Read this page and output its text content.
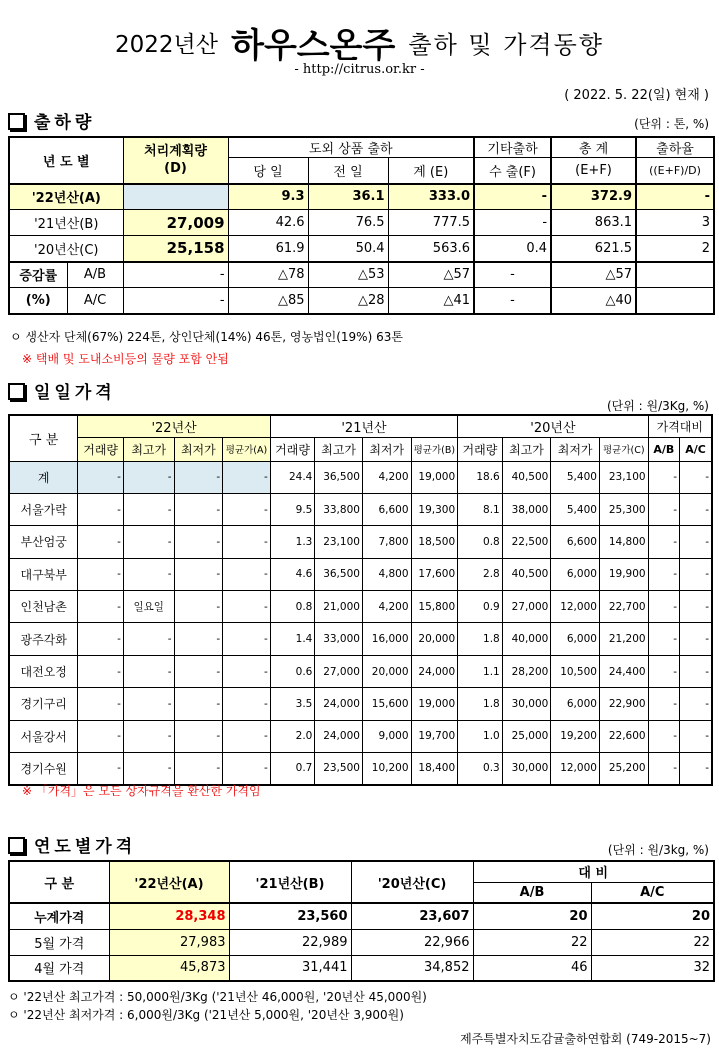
2022년산 하우스온주 출하 및 가격동향
- http://citrus.or.kr -
( 2022. 5. 22(일) 현재 )
출하량	(단위 : 톤, %)
년 도 별		처리계획량
(D)	도외 상품 출하			기타출하	총 계	출하율
			당 일	전 일	계 (E)	수 출(F)	(E+F)	((E+F)/D)
'22년산(A)			9.3	36.1	333.0	-	372.9	-
'21년산(B)		27,009	42.6	76.5	777.5	-	863.1	3
'20년산(C)		25,158	61.9	50.4	563.6	0.4	621.5	2
증감률	A/B	-	△78	△53	△57	-	△57	
(%)	A/C	-	△85	△28	△41	-	△40	
ㅇ 생산자 단체(67%) 224톤, 상인단체(14%) 46톤, 영농법인(19%) 63톤
※ 택배 및 도내소비등의 물량 포함 안됨
일일가격
(단위 : 원/3Kg, %)
구 분	'22년산				'21년산				'20년산				가격대비	
	거래량	최고가	최저가	평균가(A)	거래량	최고가	최저가	평균가(B)	거래량	최고가	최저가	평균가(C)	A/B	A/C
계	-	-	-	-	24.4	36,500	4,200	19,000	18.6	40,500	5,400	23,100	-	-
서울가락	-	-	-	-	9.5	33,800	6,600	19,300	8.1	38,000	5,400	25,300	-	-
부산엄궁	-	-	-	-	1.3	23,100	7,800	18,500	0.8	22,500	6,600	14,800	-	-
대구북부	-	-	-	-	4.6	36,500	4,800	17,600	2.8	40,500	6,000	19,900	-	-
인천남촌	-	일요일	-	-	0.8	21,000	4,200	15,800	0.9	27,000	12,000	22,700	-	-
광주각화	-	-	-	-	1.4	33,000	16,000	20,000	1.8	40,000	6,000	21,200	-	-
대전오정	-	-	-	-	0.6	27,000	20,000	24,000	1.1	28,200	10,500	24,400	-	-
경기구리	-	-	-	-	3.5	24,000	15,600	19,000	1.8	30,000	6,000	22,900	-	-
서울강서	-	-	-	-	2.0	24,000	9,000	19,700	1.0	25,000	19,200	22,600	-	-
경기수원	-	-	-	-	0.7	23,500	10,200	18,400	0.3	30,000	12,000	25,200	-	-
※ 「가격」은 모든 상자규격을 환산한 가격임
연도별가격	(단위 : 원/3kg, %)
구 분	'22년산(A)	'21년산(B)	'20년산(C)	대 비	
				A/B	A/C
누계가격	28,348	23,560	23,607	20	20
5월 가격	27,983	22,989	22,966	22	22
4월 가격	45,873	31,441	34,852	46	32
ㅇ '22년산 최고가격 : 50,000원/3Kg ('21년산 46,000원, '20년산 45,000원)
ㅇ '22년산 최저가격 : 6,000원/3Kg ('21년산 5,000원, '20년산 3,900원)
제주특별자치도감귤출하연합회 (749-2015~7)
